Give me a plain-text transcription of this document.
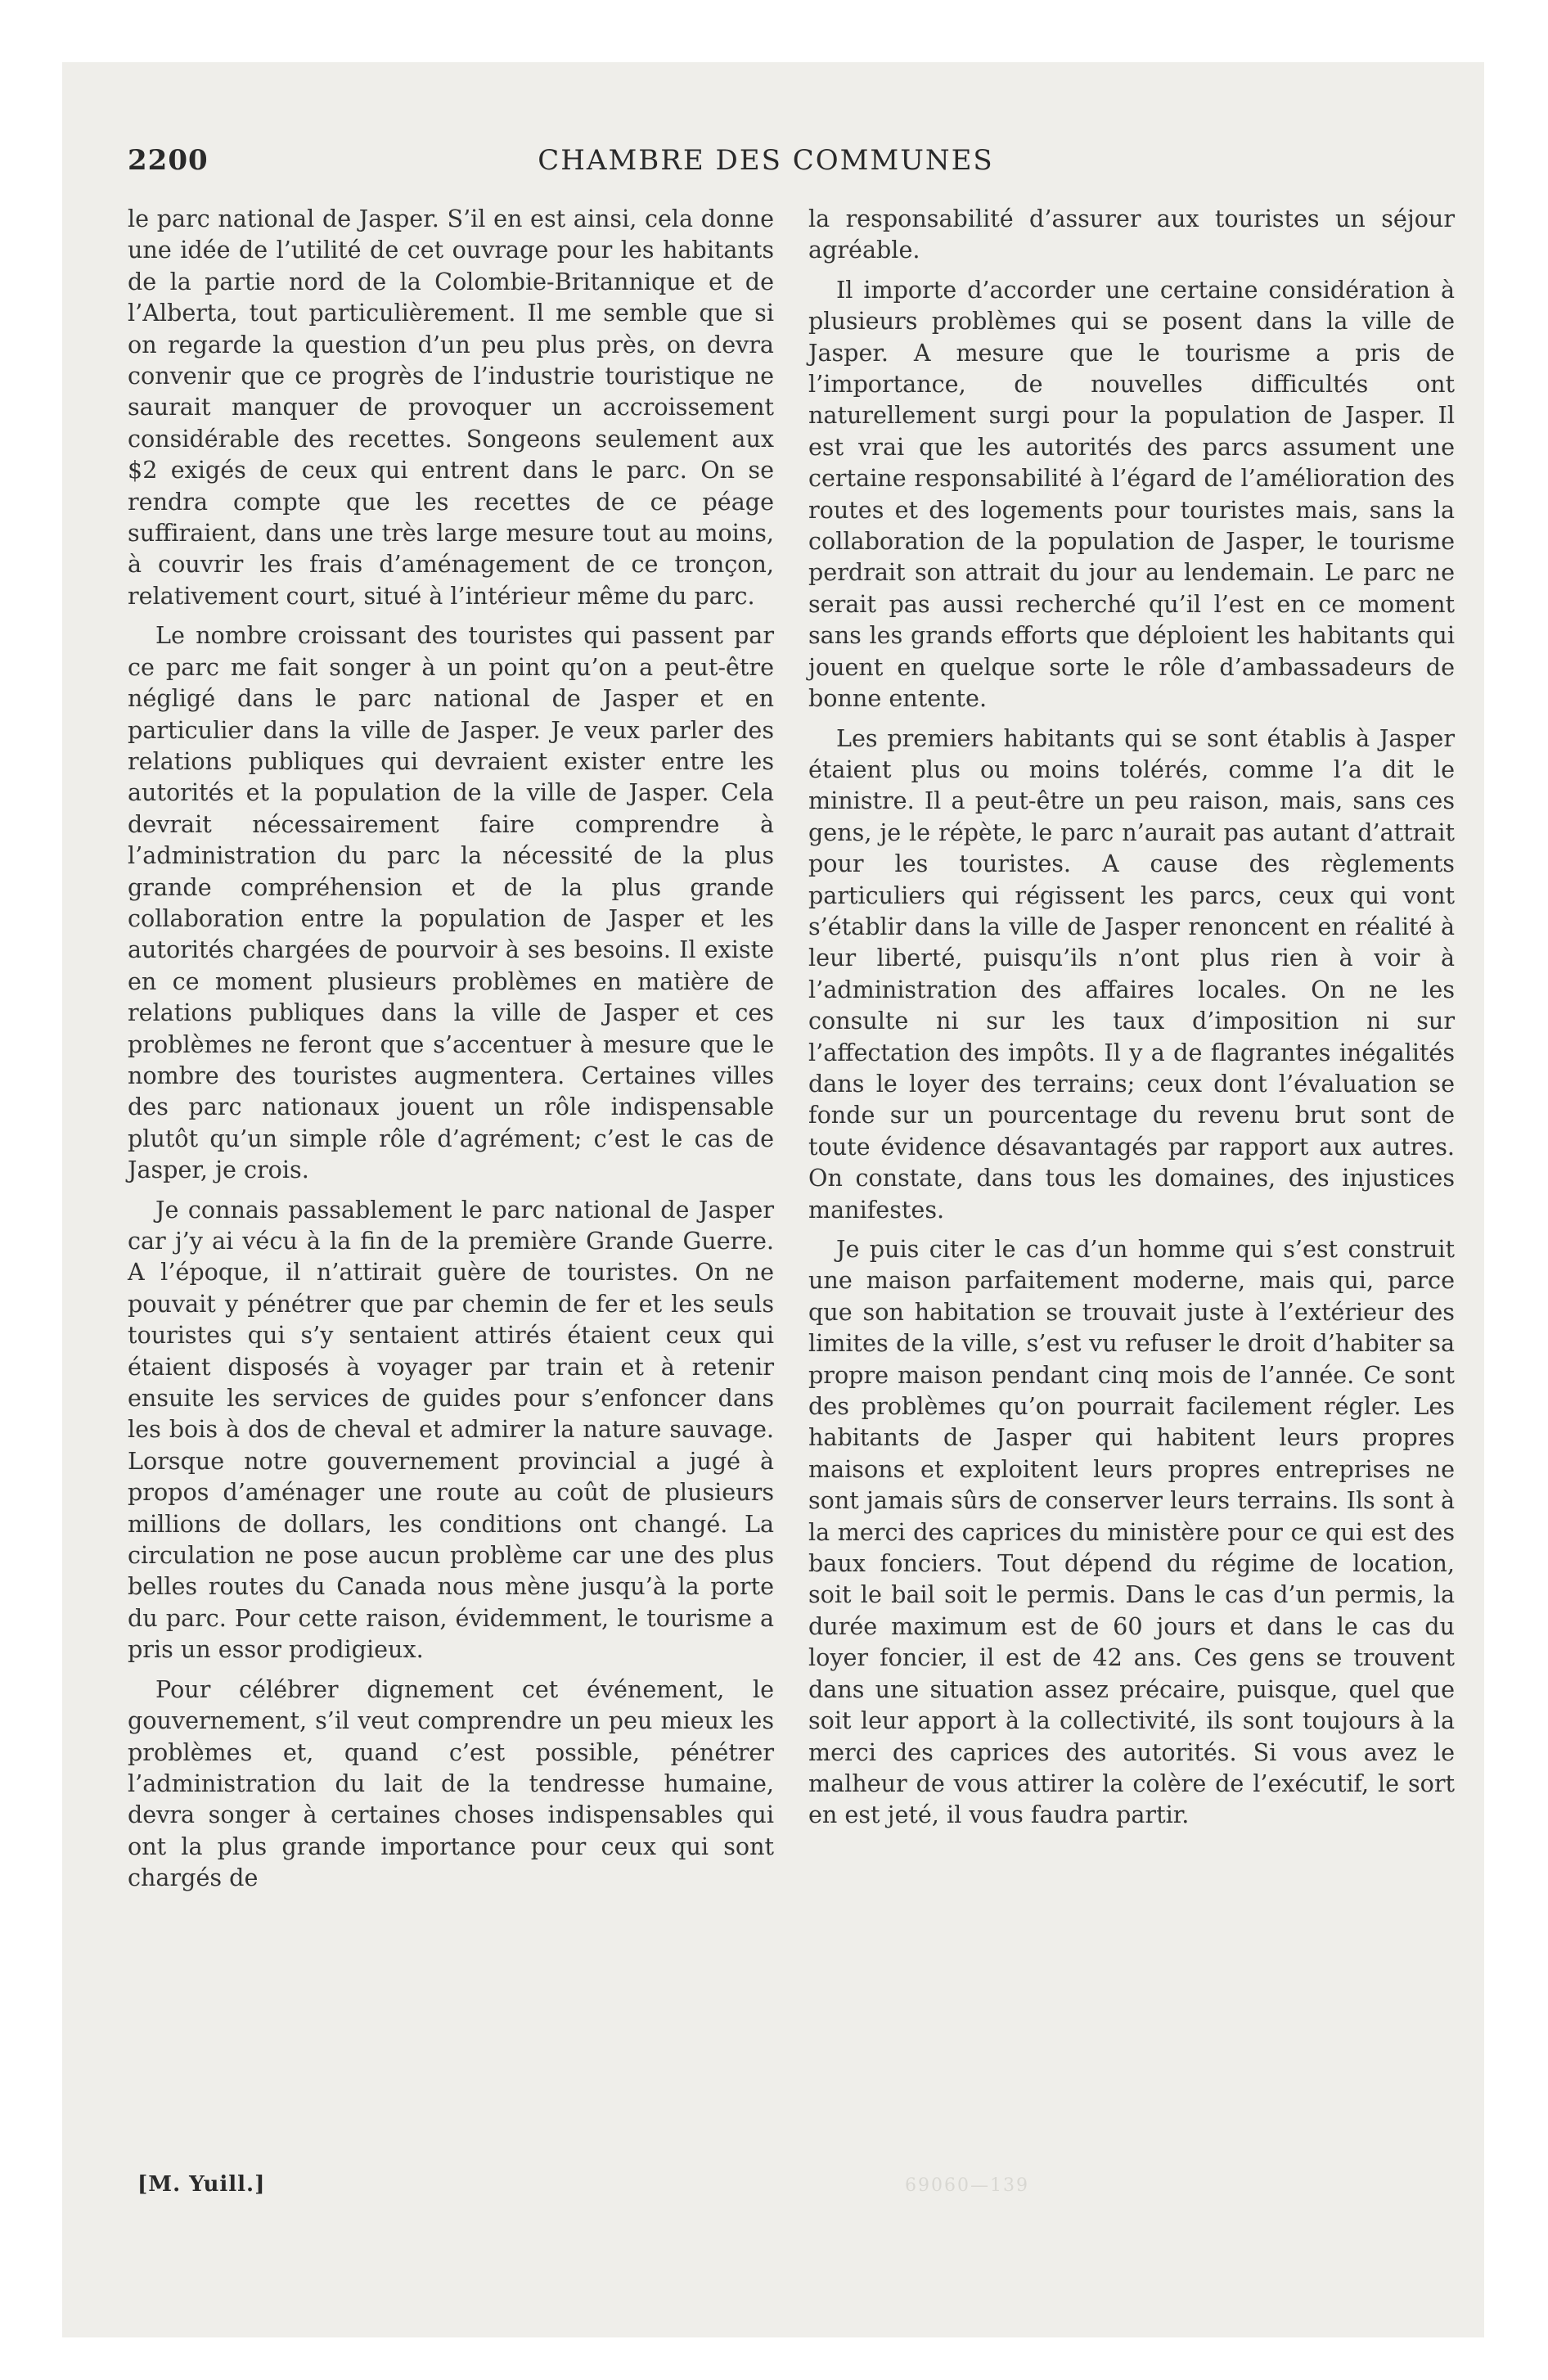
2200	CHAMBRE DES COMMUNES

le parc national de Jasper. S’il en est ainsi, cela donne une idée de l’utilité de cet ouvrage pour les habitants de la partie nord de la Colombie-Britannique et de l’Alberta, tout particulièrement. Il me semble que si on regarde la question d’un peu plus près, on devra convenir que ce progrès de l’industrie touristique ne saurait manquer de provoquer un accroissement considérable des recettes. Songeons seulement aux $2 exigés de ceux qui entrent dans le parc. On se rendra compte que les recettes de ce péage suffiraient, dans une très large mesure tout au moins, à couvrir les frais d’aménagement de ce tronçon, relativement court, situé à l’intérieur même du parc.

Le nombre croissant des touristes qui passent par ce parc me fait songer à un point qu’on a peut-être négligé dans le parc national de Jasper et en particulier dans la ville de Jasper. Je veux parler des relations publiques qui devraient exister entre les autorités et la population de la ville de Jasper. Cela devrait nécessairement faire comprendre à l’administration du parc la nécessité de la plus grande compréhension et de la plus grande collaboration entre la population de Jasper et les autorités chargées de pourvoir à ses besoins. Il existe en ce moment plusieurs problèmes en matière de relations publiques dans la ville de Jasper et ces problèmes ne feront que s’accentuer à mesure que le nombre des touristes augmentera. Certaines villes des parc nationaux jouent un rôle indispensable plutôt qu’un simple rôle d’agrément; c’est le cas de Jasper, je crois.

Je connais passablement le parc national de Jasper car j’y ai vécu à la fin de la première Grande Guerre. A l’époque, il n’attirait guère de touristes. On ne pouvait y pénétrer que par chemin de fer et les seuls touristes qui s’y sentaient attirés étaient ceux qui étaient disposés à voyager par train et à retenir ensuite les services de guides pour s’enfoncer dans les bois à dos de cheval et admirer la nature sauvage. Lorsque notre gouvernement provincial a jugé à propos d’aménager une route au coût de plusieurs millions de dollars, les conditions ont changé. La circulation ne pose aucun problème car une des plus belles routes du Canada nous mène jusqu’à la porte du parc. Pour cette raison, évidemment, le tourisme a pris un essor prodigieux.

Pour célébrer dignement cet événement, le gouvernement, s’il veut comprendre un peu mieux les problèmes et, quand c’est possible, pénétrer l’administration du lait de la tendresse humaine, devra songer à certaines choses indispensables qui ont la plus grande importance pour ceux qui sont chargés de

la responsabilité d’assurer aux touristes un séjour agréable.

Il importe d’accorder une certaine considération à plusieurs problèmes qui se posent dans la ville de Jasper. A mesure que le tourisme a pris de l’importance, de nouvelles difficultés ont naturellement surgi pour la population de Jasper. Il est vrai que les autorités des parcs assument une certaine responsabilité à l’égard de l’amélioration des routes et des logements pour touristes mais, sans la collaboration de la population de Jasper, le tourisme perdrait son attrait du jour au lendemain. Le parc ne serait pas aussi recherché qu’il l’est en ce moment sans les grands efforts que déploient les habitants qui jouent en quelque sorte le rôle d’ambassadeurs de bonne entente.

Les premiers habitants qui se sont établis à Jasper étaient plus ou moins tolérés, comme l’a dit le ministre. Il a peut-être un peu raison, mais, sans ces gens, je le répète, le parc n’aurait pas autant d’attrait pour les touristes. A cause des règlements particuliers qui régissent les parcs, ceux qui vont s’établir dans la ville de Jasper renoncent en réalité à leur liberté, puisqu’ils n’ont plus rien à voir à l’administration des affaires locales. On ne les consulte ni sur les taux d’imposition ni sur l’affectation des impôts. Il y a de flagrantes inégalités dans le loyer des terrains; ceux dont l’évaluation se fonde sur un pourcentage du revenu brut sont de toute évidence désavantagés par rapport aux autres. On constate, dans tous les domaines, des injustices manifestes.

Je puis citer le cas d’un homme qui s’est construit une maison parfaitement moderne, mais qui, parce que son habitation se trouvait juste à l’extérieur des limites de la ville, s’est vu refuser le droit d’habiter sa propre maison pendant cinq mois de l’année. Ce sont des problèmes qu’on pourrait facilement régler. Les habitants de Jasper qui habitent leurs propres maisons et exploitent leurs propres entreprises ne sont jamais sûrs de conserver leurs terrains. Ils sont à la merci des caprices du ministère pour ce qui est des baux fonciers. Tout dépend du régime de location, soit le bail soit le permis. Dans le cas d’un permis, la durée maximum est de 60 jours et dans le cas du loyer foncier, il est de 42 ans. Ces gens se trouvent dans une situation assez précaire, puisque, quel que soit leur apport à la collectivité, ils sont toujours à la merci des caprices des autorités. Si vous avez le malheur de vous attirer la colère de l’exécutif, le sort en est jeté, il vous faudra partir.

[M. Yuill.]	69060—139
